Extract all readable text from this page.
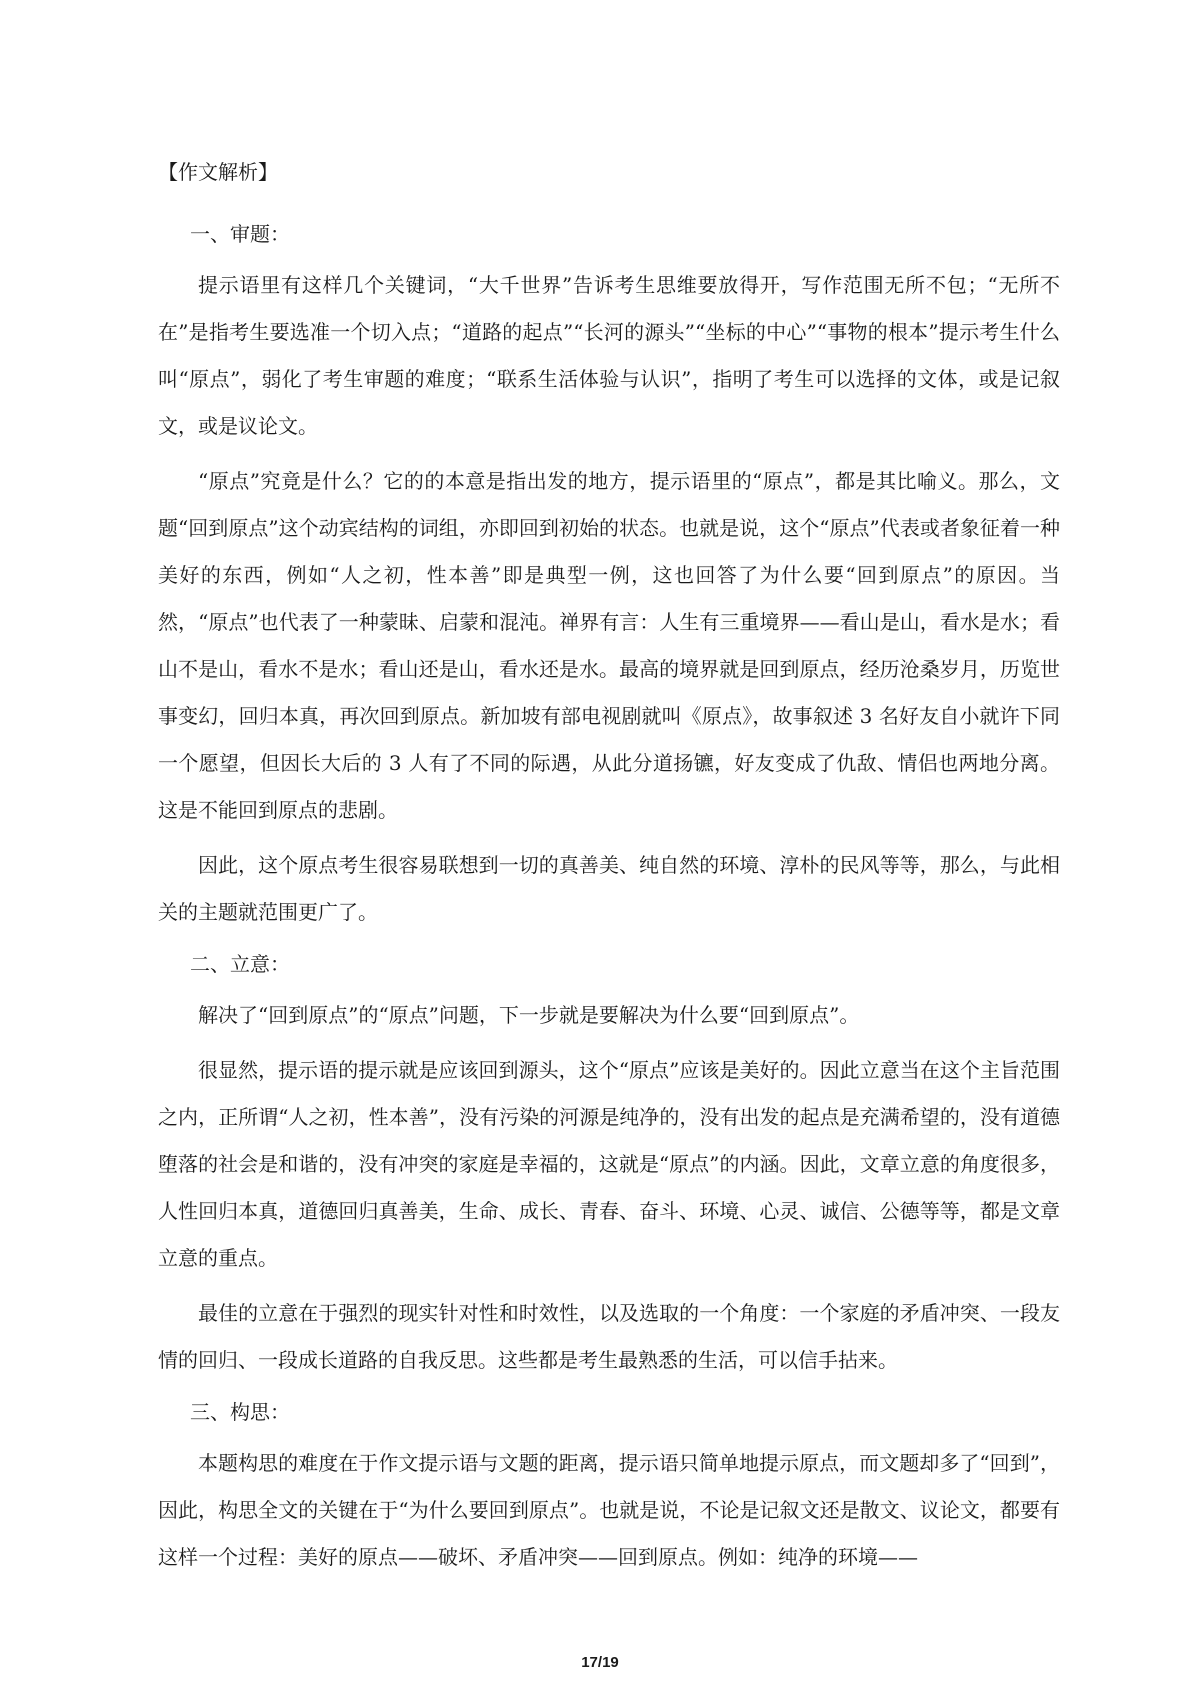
【作文解析】
一、审题：

提示语里有这样几个关键词，“大千世界”告诉考生思维要放得开，写作范围无所不包；“无所不在”是指考生要选准一个切入点；“道路的起点”“长河的源头”“坐标的中心”“事物的根本”提示考生什么叫“原点”，弱化了考生审题的难度；“联系生活体验与认识”，指明了考生可以选择的文体，或是记叙文，或是议论文。

“原点”究竟是什么？它的的本意是指出发的地方，提示语里的“原点”，都是其比喻义。那么，文题“回到原点”这个动宾结构的词组，亦即回到初始的状态。也就是说，这个“原点”代表或者象征着一种美好的东西，例如“人之初，性本善”即是典型一例，这也回答了为什么要“回到原点”的原因。当然，“原点”也代表了一种蒙昧、启蒙和混沌。禅界有言：人生有三重境界——看山是山，看水是水；看山不是山，看水不是水；看山还是山，看水还是水。最高的境界就是回到原点，经历沧桑岁月，历览世事变幻，回归本真，再次回到原点。新加坡有部电视剧就叫《原点》，故事叙述 3 名好友自小就许下同一个愿望，但因长大后的 3 人有了不同的际遇，从此分道扬镳，好友变成了仇敌、情侣也两地分离。这是不能回到原点的悲剧。

因此，这个原点考生很容易联想到一切的真善美、纯自然的环境、淳朴的民风等等，那么，与此相关的主题就范围更广了。

二、立意：

解决了“回到原点”的“原点”问题，下一步就是要解决为什么要“回到原点”。

很显然，提示语的提示就是应该回到源头，这个“原点”应该是美好的。因此立意当在这个主旨范围之内，正所谓“人之初，性本善”，没有污染的河源是纯净的，没有出发的起点是充满希望的，没有道德堕落的社会是和谐的，没有冲突的家庭是幸福的，这就是“原点”的内涵。因此，文章立意的角度很多，人性回归本真，道德回归真善美，生命、成长、青春、奋斗、环境、心灵、诚信、公德等等，都是文章立意的重点。

最佳的立意在于强烈的现实针对性和时效性，以及选取的一个角度：一个家庭的矛盾冲突、一段友情的回归、一段成长道路的自我反思。这些都是考生最熟悉的生活，可以信手拈来。

三、构思：

本题构思的难度在于作文提示语与文题的距离，提示语只简单地提示原点，而文题却多了“回到”，因此，构思全文的关键在于“为什么要回到原点”。也就是说，不论是记叙文还是散文、议论文，都要有这样一个过程：美好的原点——破坏、矛盾冲突——回到原点。例如：纯净的环境——

17/19
